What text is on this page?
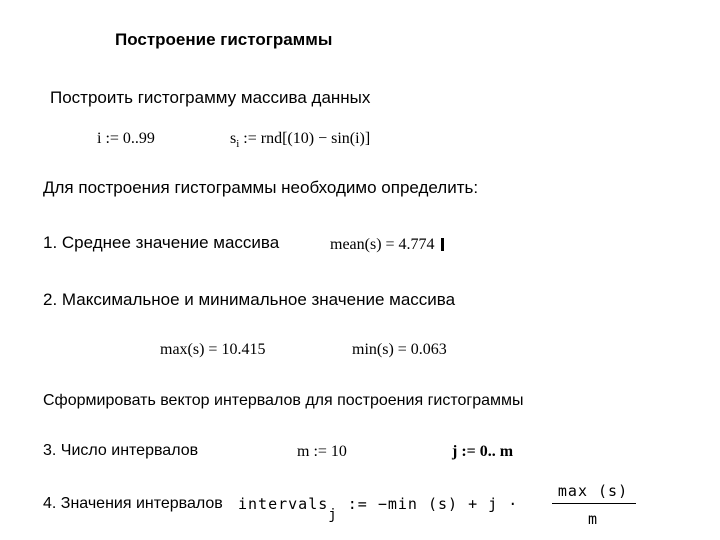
Построение гистограммы
Построить гистограмму массива данных
i := 0..99	$s_i$ := rnd[(10) − sin(i)]
Для построения гистограммы необходимо определить:
1. Среднее значение массива	mean(s) = 4.774
2. Максимальное и минимальное значение массива
max(s) = 10.415	min(s) = 0.063
Сформировать вектор интервалов для построения гистограммы
3. Число интервалов	m := 10	j := 0.. m
4. Значения интервалов intervalsj := −min (s) + j ·
max (s)
m
